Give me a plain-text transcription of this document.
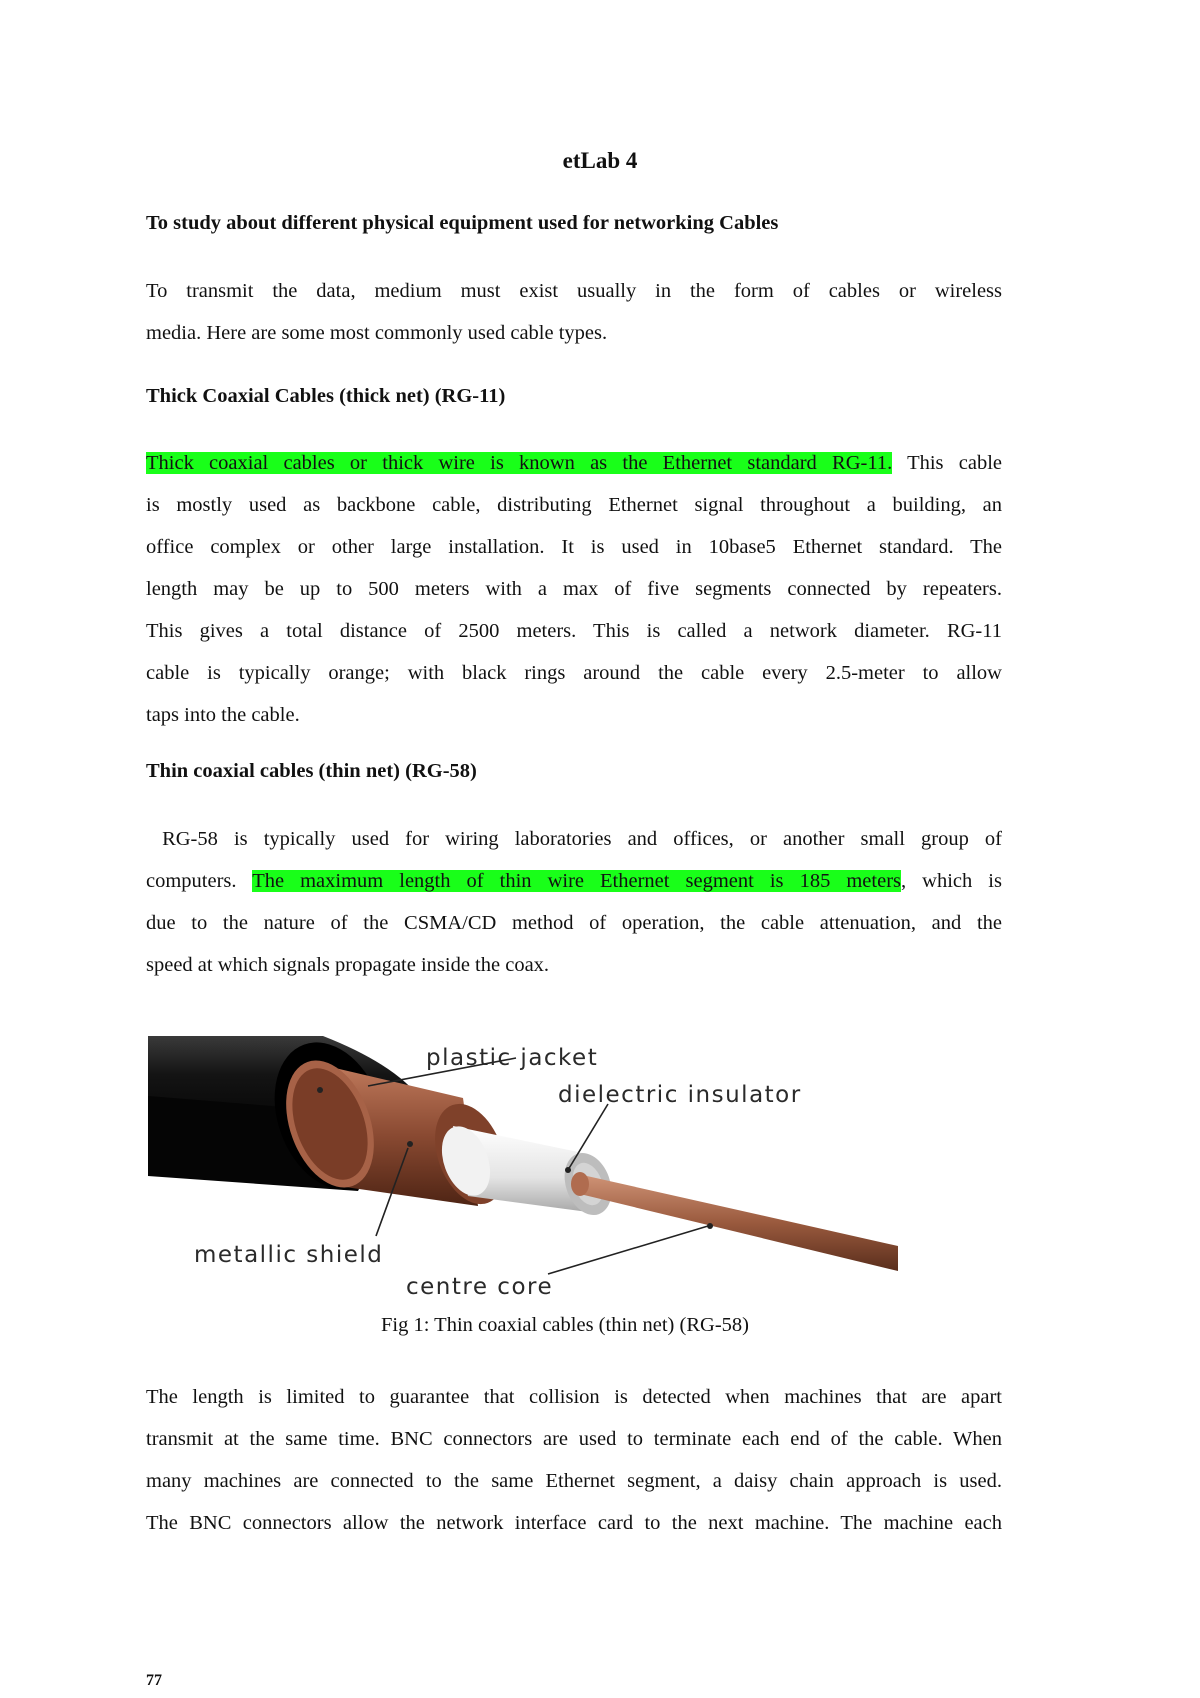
etLab 4
To study about different physical equipment used for networking Cables
To transmit the data, medium must exist usually in the form of cables or wireless
media. Here are some most commonly used cable types.
Thick Coaxial Cables (thick net) (RG-11)
Thick coaxial cables or thick wire is known as the Ethernet standard RG-11. This cable
is mostly used as backbone cable, distributing Ethernet signal throughout a building, an
office complex or other large installation. It is used in 10base5 Ethernet standard. The
length may be up to 500 meters with a max of five segments connected by repeaters.
This gives a total distance of 2500 meters. This is called a network diameter. RG-11
cable is typically orange; with black rings around the cable every 2.5-meter to allow
taps into the cable.
Thin coaxial cables (thin net) (RG-58)
RG-58 is typically used for wiring laboratories and offices, or another small group of
computers. The maximum length of thin wire Ethernet segment is 185 meters, which is
due to the nature of the CSMA/CD method of operation, the cable attenuation, and the
speed at which signals propagate inside the coax.
plastic jacket
dielectric insulator
metallic shield
centre core
Fig 1: Thin coaxial cables (thin net) (RG-58)
The length is limited to guarantee that collision is detected when machines that are apart
transmit at the same time. BNC connectors are used to terminate each end of the cable. When
many machines are connected to the same Ethernet segment, a daisy chain approach is used.
The BNC connectors allow the network interface card to the next machine. The machine each
77
